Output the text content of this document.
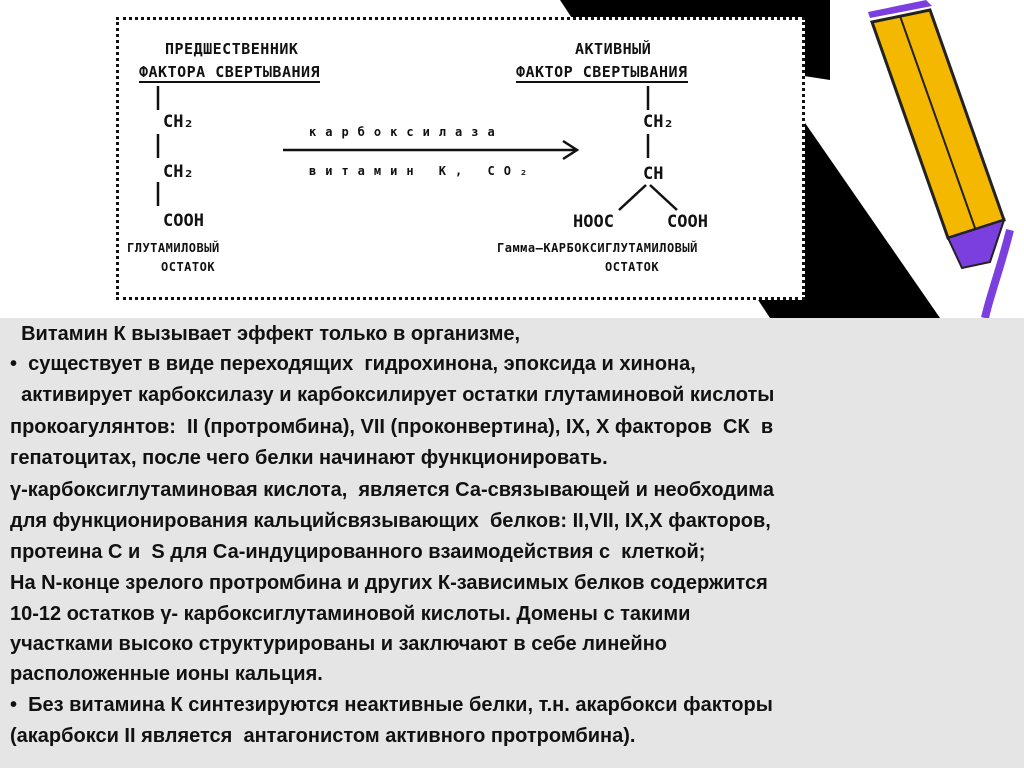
ПРЕДШЕСТВЕННИК
ФАКТОРА СВЕРТЫВАНИЯ
АКТИВНЫЙ
ФАКТОР СВЕРТЫВАНИЯ
CH₂
CH₂
COOH
ГЛУТАМИЛОВЫЙ
ОСТАТОК
карбоксилаза
витамин K, CO₂
CH₂
CH
HOOC	COOH
Гамма—КАРБОКСИГЛУТАМИЛОВЫЙ
ОСТАТОК
Витамин К вызывает эффект только в организме,
•  существует в виде переходящих  гидрохинона, эпоксида и хинона,
активирует карбоксилазу и карбоксилирует остатки глутаминовой кислоты
прокоагулянтов:  II (протромбина), VII (проконвертина), IX, X факторов  СК  в
гепатоцитах, после чего белки начинают функционировать.
γ-карбоксиглутаминовая кислота,  является Са-связывающей и необходима
для функционирования кальцийсвязывающих  белков: II,VII, IX,X факторов,
протеина С и  S для Са-индуцированного взаимодействия с  клеткой;
На N-конце зрелого протромбина и других К-зависимых белков содержится
10-12 остатков γ- карбоксиглутаминовой кислоты. Домены с такими
участками высоко структурированы и заключают в себе линейно
расположенные ионы кальция.
•  Без витамина К синтезируются неактивные белки, т.н. акарбокси факторы
(акарбокси II является  антагонистом активного протромбина).
